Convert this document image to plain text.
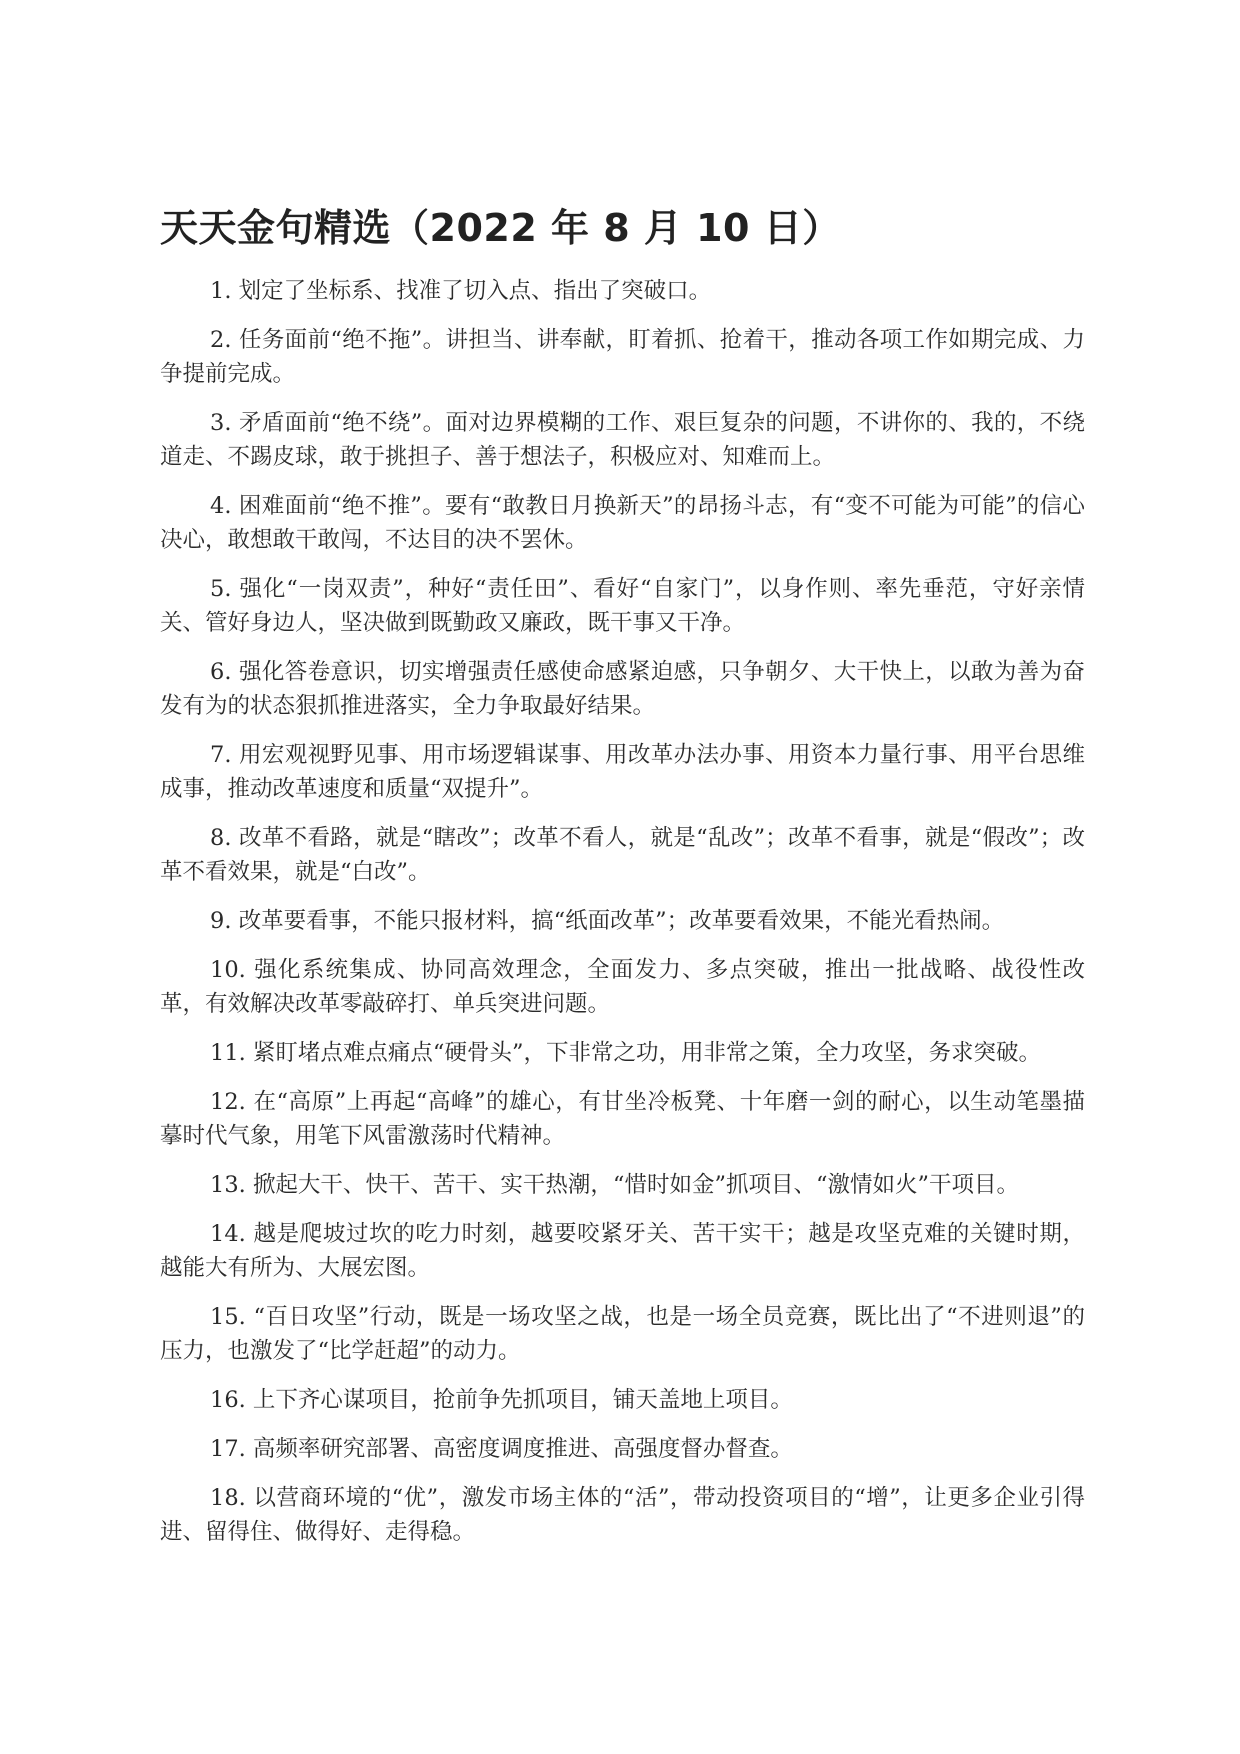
天天金句精选（2022 年 8 月 10 日）

1. 划定了坐标系、找准了切入点、指出了突破口。

2. 任务面前“绝不拖”。讲担当、讲奉献，盯着抓、抢着干，推动各项工作如期完成、力争提前完成。

3. 矛盾面前“绝不绕”。面对边界模糊的工作、艰巨复杂的问题，不讲你的、我的，不绕道走、不踢皮球，敢于挑担子、善于想法子，积极应对、知难而上。

4. 困难面前“绝不推”。要有“敢教日月换新天”的昂扬斗志，有“变不可能为可能”的信心决心，敢想敢干敢闯，不达目的决不罢休。

5. 强化“一岗双责”，种好“责任田”、看好“自家门”，以身作则、率先垂范，守好亲情关、管好身边人，坚决做到既勤政又廉政，既干事又干净。

6. 强化答卷意识，切实增强责任感使命感紧迫感，只争朝夕、大干快上，以敢为善为奋发有为的状态狠抓推进落实，全力争取最好结果。

7. 用宏观视野见事、用市场逻辑谋事、用改革办法办事、用资本力量行事、用平台思维成事，推动改革速度和质量“双提升”。

8. 改革不看路，就是“瞎改”；改革不看人，就是“乱改”；改革不看事，就是“假改”；改革不看效果，就是“白改”。

9. 改革要看事，不能只报材料，搞“纸面改革”；改革要看效果，不能光看热闹。

10. 强化系统集成、协同高效理念，全面发力、多点突破，推出一批战略、战役性改革，有效解决改革零敲碎打、单兵突进问题。

11. 紧盯堵点难点痛点“硬骨头”，下非常之功，用非常之策，全力攻坚，务求突破。

12. 在“高原”上再起“高峰”的雄心，有甘坐冷板凳、十年磨一剑的耐心，以生动笔墨描摹时代气象，用笔下风雷激荡时代精神。

13. 掀起大干、快干、苦干、实干热潮，“惜时如金”抓项目、“激情如火”干项目。

14. 越是爬坡过坎的吃力时刻，越要咬紧牙关、苦干实干；越是攻坚克难的关键时期，越能大有所为、大展宏图。

15. “百日攻坚”行动，既是一场攻坚之战，也是一场全员竞赛，既比出了“不进则退”的压力，也激发了“比学赶超”的动力。

16. 上下齐心谋项目，抢前争先抓项目，铺天盖地上项目。

17. 高频率研究部署、高密度调度推进、高强度督办督查。

18. 以营商环境的“优”，激发市场主体的“活”，带动投资项目的“增”，让更多企业引得进、留得住、做得好、走得稳。
